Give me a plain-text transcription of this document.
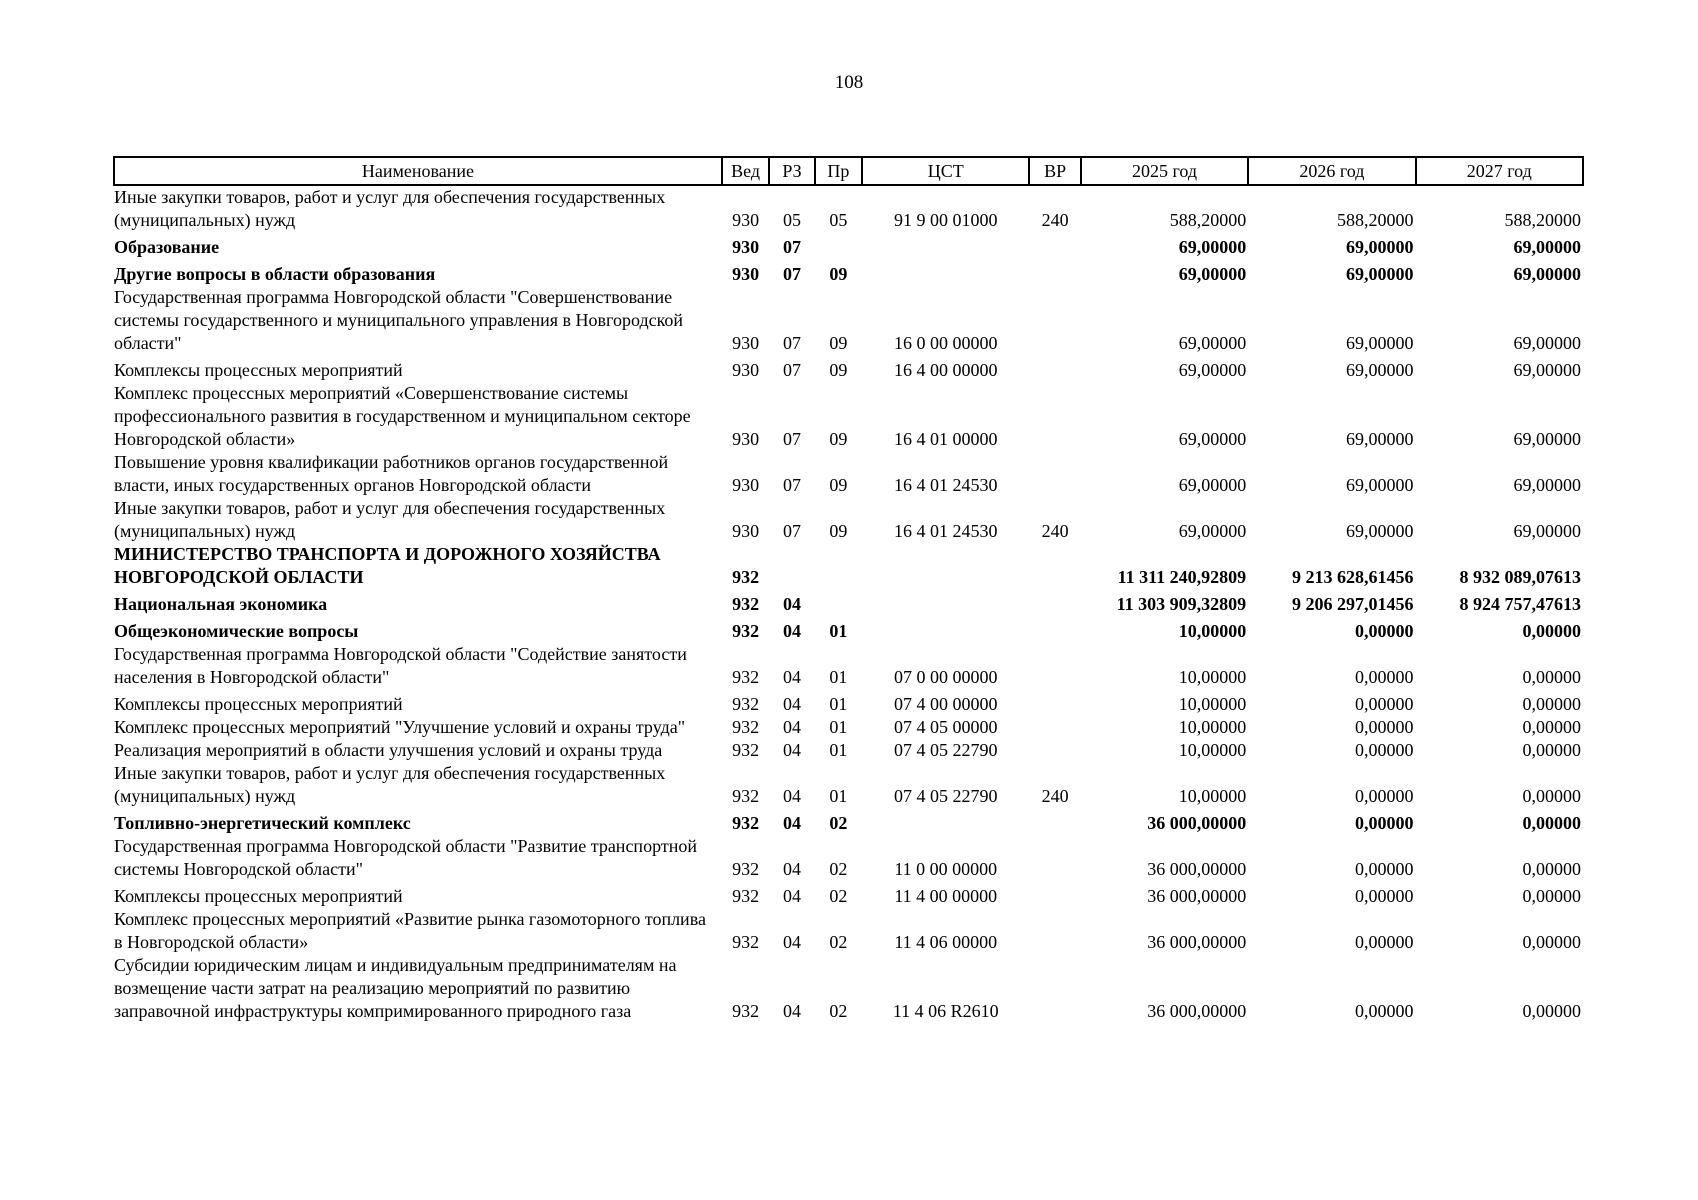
108
Наименование	Вед	РЗ	Пр	ЦСТ	ВР	2025 год	2026 год	2027 год
Иные закупки товаров, работ и услуг для обеспечения государственных (муниципальных) нужд	930	05	05	91 9 00 01000	240	588,20000	588,20000	588,20000
Образование	930	07				69,00000	69,00000	69,00000
Другие вопросы в области образования	930	07	09			69,00000	69,00000	69,00000
Государственная программа Новгородской области "Совершенствование системы государственного и муниципального управления в Новгородской области"	930	07	09	16 0 00 00000		69,00000	69,00000	69,00000
Комплексы процессных мероприятий	930	07	09	16 4 00 00000		69,00000	69,00000	69,00000
Комплекс процессных мероприятий «Совершенствование системы профессионального развития в государственном и муниципальном секторе Новгородской области»	930	07	09	16 4 01 00000		69,00000	69,00000	69,00000
Повышение уровня квалификации работников органов государственной власти, иных государственных органов Новгородской области	930	07	09	16 4 01 24530		69,00000	69,00000	69,00000
Иные закупки товаров, работ и услуг для обеспечения государственных (муниципальных) нужд	930	07	09	16 4 01 24530	240	69,00000	69,00000	69,00000
МИНИСТЕРСТВО ТРАНСПОРТА И ДОРОЖНОГО ХОЗЯЙСТВА НОВГОРОДСКОЙ ОБЛАСТИ	932					11 311 240,92809	9 213 628,61456	8 932 089,07613
Национальная экономика	932	04				11 303 909,32809	9 206 297,01456	8 924 757,47613
Общеэкономические вопросы	932	04	01			10,00000	0,00000	0,00000
Государственная программа Новгородской области "Содействие занятости населения в Новгородской области"	932	04	01	07 0 00 00000		10,00000	0,00000	0,00000
Комплексы процессных мероприятий	932	04	01	07 4 00 00000		10,00000	0,00000	0,00000
Комплекс процессных мероприятий "Улучшение условий и охраны труда"	932	04	01	07 4 05 00000		10,00000	0,00000	0,00000
Реализация мероприятий в области улучшения условий и охраны труда	932	04	01	07 4 05 22790		10,00000	0,00000	0,00000
Иные закупки товаров, работ и услуг для обеспечения государственных (муниципальных) нужд	932	04	01	07 4 05 22790	240	10,00000	0,00000	0,00000
Топливно-энергетический комплекс	932	04	02			36 000,00000	0,00000	0,00000
Государственная программа Новгородской области "Развитие транспортной системы Новгородской области"	932	04	02	11 0 00 00000		36 000,00000	0,00000	0,00000
Комплексы процессных мероприятий	932	04	02	11 4 00 00000		36 000,00000	0,00000	0,00000
Комплекс процессных мероприятий «Развитие рынка газомоторного топлива в Новгородской области»	932	04	02	11 4 06 00000		36 000,00000	0,00000	0,00000
Субсидии юридическим лицам и индивидуальным предпринимателям на возмещение части затрат на реализацию мероприятий по развитию заправочной инфраструктуры компримированного природного газа	932	04	02	11 4 06 R2610		36 000,00000	0,00000	0,00000
